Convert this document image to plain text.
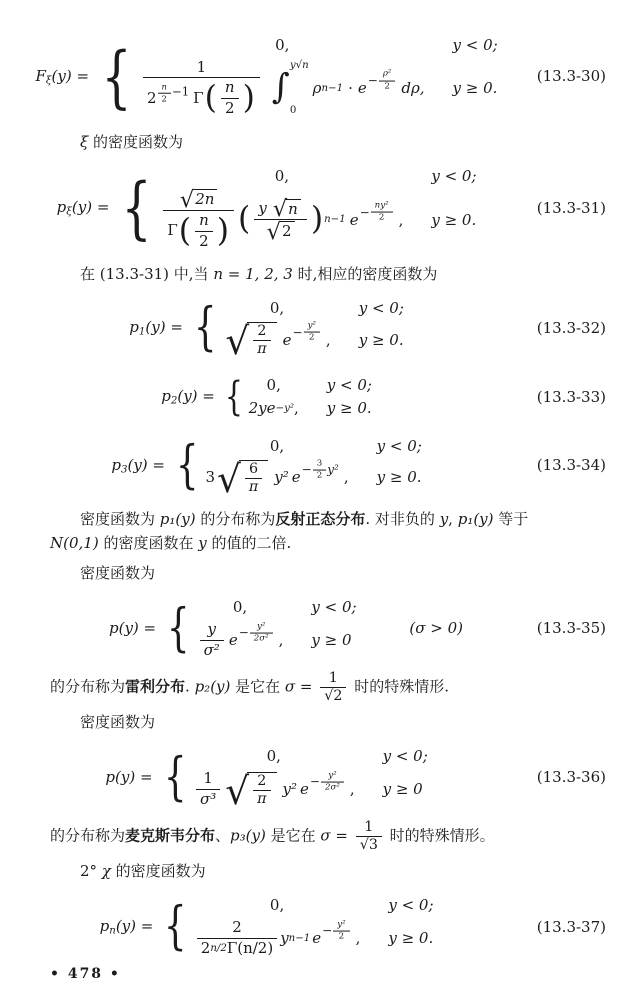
$F_\xi(y)$ = {	0,	y < 0;
$\frac{1}{2 \frac{n}{2} -1 \Gamma ( \frac{n}{2} )}$ ∫
y√n
0
ρ $n-1 \cdot e - \frac{\text{ρ²}}{2} d\rho$, y ≥ 0.
(13.3-30)

ξ 的密度函数为

$p_\xi(y)$ = {	0,	y < 0;
$\frac{√ 2n}{\Gamma ( \frac{n}{2} )}$ ( $\frac{y √ n}{√ 2}$ ) n−1 $e - \frac{\text{ny²}}{2}$ , y ≥ 0.
(13.3-31)

在 (13.3-31) 中,当 n = 1, 2, 3 时,相应的密度函数为

$p_1(y)$ = {	0,	y < 0;
√ $\frac{2}{\pi}$ $e - \frac{\text{y²}}{2}$ , y ≥ 0.
(13.3-32)
$p_2(y)$ = { 0,	y < 0;
2y e −y² , y ≥ 0.
(13.3-33)
$p_3(y)$ = {	0,	y < 0;
3 √ $\frac{6}{\pi} y^2$ $e - \frac{3}{2} y^2$ , y ≥ 0.
(13.3-34)

密度函数为 p₁(y) 的分布称为反射正态分布. 对非负的 y, p₁(y) 等于
N(0,1) 的密度函数在 y 的值的二倍.

密度函数为

p(y) = {	0,	y < 0;
$\frac{y}{\text{σ²}}$ $e - \frac{\text{y²}}{\text{2σ²}}$ , y ≥ 0
(σ > 0)	(13.3-35)

的分布称为雷利分布. p₂(y) 是它在 $\sigma = \frac{1}{√2}$ 时的特殊情形.

密度函数为

p(y) = {	0,	y < 0;
$\frac{1}{\text{σ³}}$ √ $\frac{2}{\pi} y^2$ $e - \frac{\text{y²}}{\text{2σ²}}$ , y ≥ 0
(13.3-36)

的分布称为麦克斯韦分布、p₃(y) 是它在 $\sigma = \frac{1}{√3}$ 时的特殊情形。

2° χ 的密度函数为

$p_n(y)$ = {	0,	y < 0;
$\frac{2}{2 n/2 \Gamma(n/2)}$ y n−1 $e - \frac{\text{y²}}{2}$ , y ≥ 0.
(13.3-37)
• 478 •
